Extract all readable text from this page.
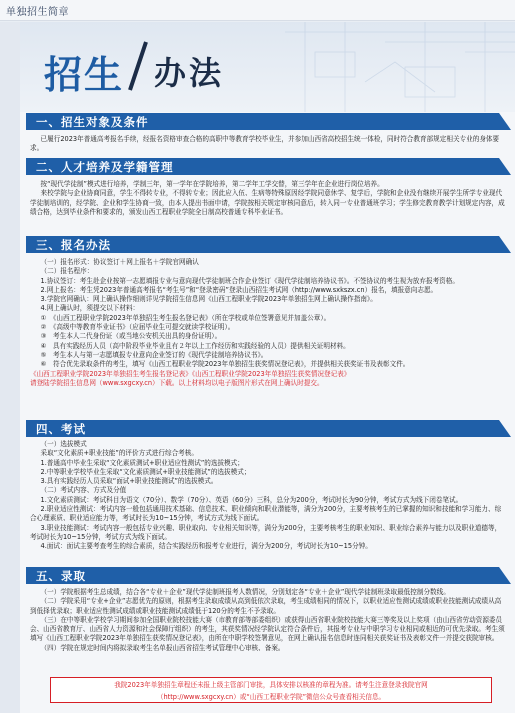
单独招生简章
招生 办法
一、招生对象及条件

已履行2023年普通高考报名手续，经报名资格审查合格的高职中等教育学校毕业生，并参加山西省高校招生统一体检，同时符合教育部规定相关专业的身体要求。

二、人才培养及学籍管理

按“现代学徒制”模式进行培养，学制三年，第一学年在学院培养，第二学年工学交替，第三学年在企业进行岗位培养。

来校学院与企业协商同意，学生不得转专业，不得转专业；因此应入伍、生病等特殊原因经学院同意休学、复学后，学院和企业没有继续开展学生所学专业现代学徒制培训的，经学院、企业和学生协商一致，由本人提出书面申请，学院按相关规定审核同意后，转入同一专业普通班学习；学生修完教育教学计划规定内容，成绩合格，达到毕业条件和要求的，颁发山西工程职业学院全日制高校普通专科毕业证书。

三、报名办法

（一）报名形式：协议签订＋网上报名＋学院官网确认

（二）报名程序：

1.协议签订：考生赴企业按第一志愿填报专业与意向现代学徒制班合作企业签订《现代学徒制培养协议书》。不签协议的考生视为放弃报考资格。

2.网上报名：考生凭2023年普通高考报名“考生号”和“登录密码”登录山西招生考试网（http://www.sxkszx.cn）报名，填报意向志愿。

3.学院官网确认：网上确认操作细则详见学院招生信息网《山西工程职业学院2023年单独招生网上确认操作指南》。

4.网上确认时，须提交以下材料：

①　《山西工程职业学院2023年单独招生考生报名登记表》（所在学校或单位签署意见并加盖公章）。

②　《高级中等教育毕业证书》（应届毕业生可提交就读学校证明）。

③　考生本人二代身份证（或当地公安机关出具的身份证明）。

④　具有实践经历人员（高中阶段毕业毕业且有２年以上工作经历和实践经验的人员）提供相关证明材料。

⑤　考生本人与第一志愿填报专业意向企业签订的《现代学徒制培养协议书》。

⑥　符合优先录取条件的考生，填写《山西工程职业学院2023年单独招生获奖情况登记表》，并提供相关获奖证书及表彰文件。

《山西工程职业学院2023年单独招生考生报名登记表》《山西工程职业学院2023年单独招生获奖情况登记表》

请登陆学院招生信息网（www.sxgcxy.cn）下载。以上材料均以电子版图片形式在网上确认时提交。

四、考试

（一）选拔模式

采取“文化素质+职业技能”的评价方式进行综合考核。

1.普通高中毕业生采取“文化素质测试+职业适应性测试”的选拔模式；

2.中等职业学校毕业生采取“文化素质测试+职业技能测试”的选拔模式；

3.具有实践经历人员采取“面试+职业技能测试”的选拔模式。

（二）考试内容、方式及分值

1.文化素质测试：考试科目为语文（70分）、数学（70分）、英语（60分）三科，总分为200分，考试时长为90分钟，考试方式为线下闭卷笔试。

2.职业适应性测试：考试内容一般包括通用技术基础、信息技术、职业倾向和职业潜能等，满分为200分，主要考核考生的已掌握的知识和技能和学习能力、综合心理素质、职业适应能力等，考试时长为10~15分钟，考试方式为线下面试。

3.职业技能测试：考试内容一般包括专业兴趣、职业取向、专业相关知识等，满分为200分，主要考核考生的职业知识、职业综合素养与能力以及职业道德等，考试时长为10~15分钟，考试方式为线下面试。

4.面试：面试主要考查考生的综合素质，结合实践经历和报考专业进行，满分为200分，考试时长为10~15分钟。

五、录取

（一）学院根据考生总成绩，结合各“专业＋企业”现代学徒制班报考人数情况，分别划定各“专业＋企业”现代学徒制班录取最低控制分数线。

（二）学院采用“专业+企业”志愿优先的原则，根据考生录取成绩从高到低依次录取，考生成绩相同的情况下，以职业适应性测试成绩或职业技能测试成绩从高到低择优录取；职业适应性测试成绩或职业技能测试成绩低于120分的考生不予录取。

（三）在中等职业学校学习期间参加全国职业院校技能大赛（市教育部等部委组织）或获得山西省职业院校技能大赛三等奖及以上奖项（由山西省劳动资源委员会、山西省教育厅、山西省人力资源和社会保障厅组织）的考生，其获奖情况经学院认定符合条件后，其报考专业与中职学习专业相同或相近的可优先录取。考生须填写《山西工程职业学院2023年单独招生获奖情况登记表》，由所在中职学校签署意见，在网上确认报名信息时连同相关获奖证书及表彰文件一并提交获院审核。

（四）学院在规定时间内将拟录取考生名单报山西省招生考试管理中心审核、备案。

我院2023年单独招生章程还未报上级主管部门审批，具体安排以核准的章程为准。请考生注意登录我院官网

（http://www.sxgcxy.cn）或“山西工程职业学院”微信公众号查看相关信息。
